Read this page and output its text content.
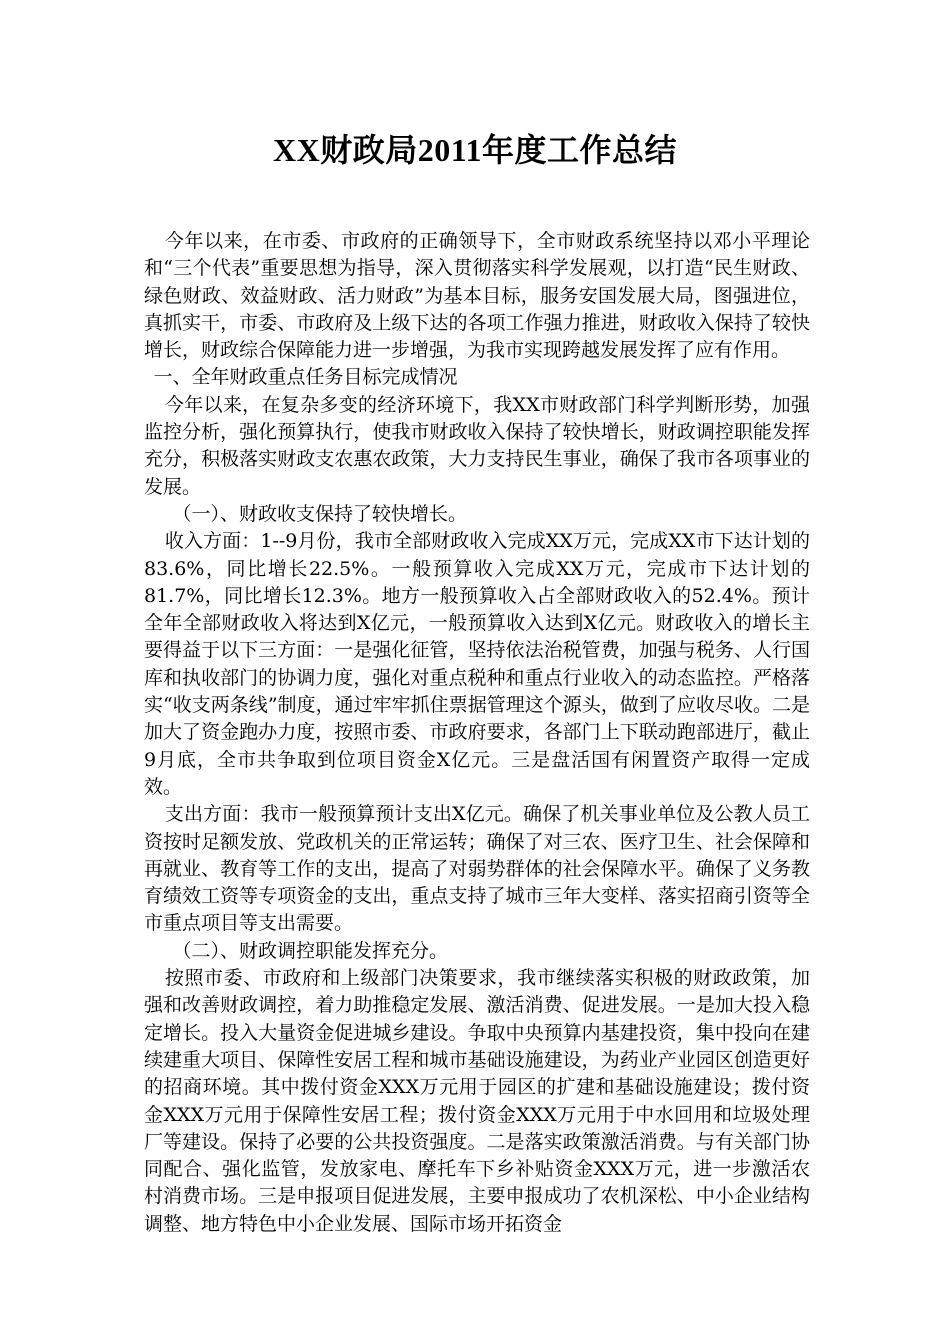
XX财政局2011年度工作总结

今年以来，在市委、市政府的正确领导下，全市财政系统坚持以邓小平理论和“三个代表”重要思想为指导，深入贯彻落实科学发展观，以打造“民生财政、绿色财政、效益财政、活力财政”为基本目标，服务安国发展大局，图强进位，真抓实干，市委、市政府及上级下达的各项工作强力推进，财政收入保持了较快增长，财政综合保障能力进一步增强，为我市实现跨越发展发挥了应有作用。

一、全年财政重点任务目标完成情况

今年以来，在复杂多变的经济环境下，我XX市财政部门科学判断形势，加强监控分析，强化预算执行，使我市财政收入保持了较快增长，财政调控职能发挥充分，积极落实财政支农惠农政策，大力支持民生事业，确保了我市各项事业的发展。

（一）、财政收支保持了较快增长。

收入方面：1--9月份，我市全部财政收入完成XX万元，完成XX市下达计划的83.6%，同比增长22.5%。一般预算收入完成XX万元，完成市下达计划的81.7%，同比增长12.3%。地方一般预算收入占全部财政收入的52.4%。预计全年全部财政收入将达到X亿元，一般预算收入达到X亿元。财政收入的增长主要得益于以下三方面：一是强化征管，坚持依法治税管费，加强与税务、人行国库和执收部门的协调力度，强化对重点税种和重点行业收入的动态监控。严格落实“收支两条线”制度，通过牢牢抓住票据管理这个源头，做到了应收尽收。二是加大了资金跑办力度，按照市委、市政府要求，各部门上下联动跑部进厅，截止9月底，全市共争取到位项目资金X亿元。三是盘活国有闲置资产取得一定成效。

支出方面：我市一般预算预计支出X亿元。确保了机关事业单位及公教人员工资按时足额发放、党政机关的正常运转；确保了对三农、医疗卫生、社会保障和再就业、教育等工作的支出，提高了对弱势群体的社会保障水平。确保了义务教育绩效工资等专项资金的支出，重点支持了城市三年大变样、落实招商引资等全市重点项目等支出需要。

（二）、财政调控职能发挥充分。

按照市委、市政府和上级部门决策要求，我市继续落实积极的财政政策，加强和改善财政调控，着力助推稳定发展、激活消费、促进发展。一是加大投入稳定增长。投入大量资金促进城乡建设。争取中央预算内基建投资，集中投向在建续建重大项目、保障性安居工程和城市基础设施建设，为药业产业园区创造更好的招商环境。其中拨付资金XXX万元用于园区的扩建和基础设施建设；拨付资金XXX万元用于保障性安居工程；拨付资金XXX万元用于中水回用和垃圾处理厂等建设。保持了必要的公共投资强度。二是落实政策激活消费。与有关部门协同配合、强化监管，发放家电、摩托车下乡补贴资金XXX万元，进一步激活农村消费市场。三是申报项目促进发展，主要申报成功了农机深松、中小企业结构调整、地方特色中小企业发展、国际市场开拓资金
